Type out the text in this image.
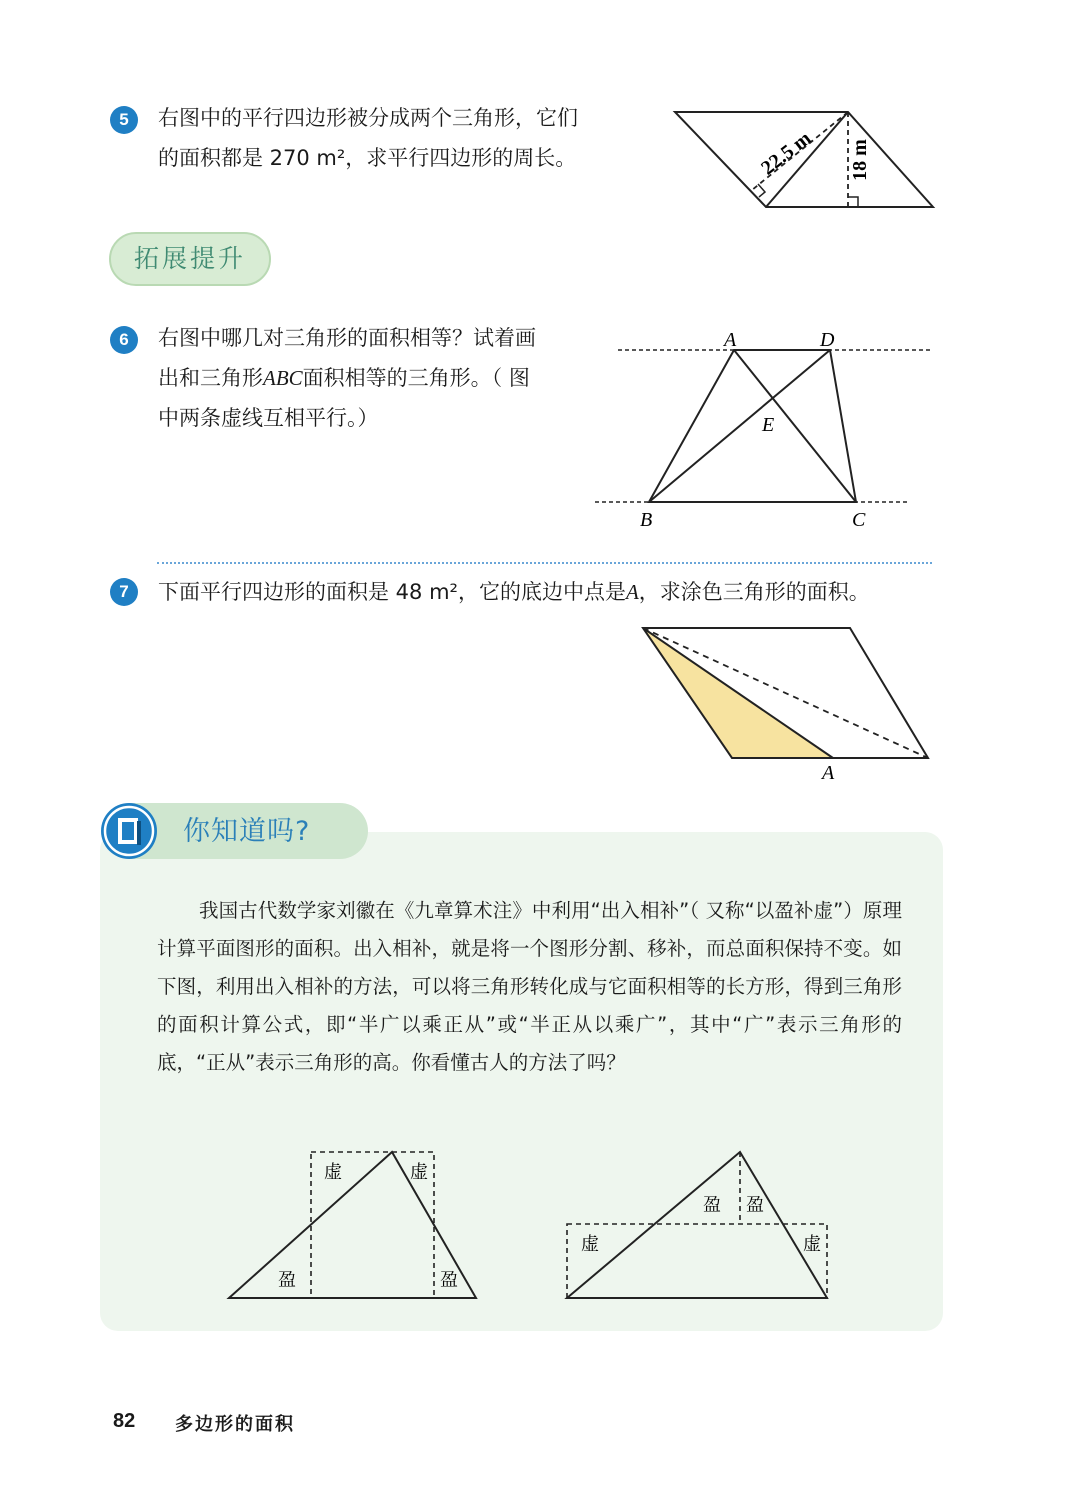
5	右图中的平行四边形被分成两个三角形，它们
的面积都是 270 m²，求平行四边形的周长。	22.5 m 18 m
拓展提升
6	右图中哪几对三角形的面积相等？试着画
出和三角形ABC面积相等的三角形。（ 图
中两条虚线互相平行。）
A	D
E
B	C
7	下面平行四边形的面积是 48 m²，它的底边中点是A，求涂色三角形的面积。
A
你知道吗?

我国古代数学家刘徽在《九章算术注》中利用“出入相补”（ 又称“以盈补虚”）原理计算平面图形的面积。出入相补，就是将一个图形分割、移补，而总面积保持不变。如下图，利用出入相补的方法，可以将三角形转化成与它面积相等的长方形，得到三角形的面积计算公式，即“半广以乘正从”或“半正从以乘广”，其中“广”表示三角形的底，“正从”表示三角形的高。你看懂古人的方法了吗？

虚	虚
盈	盈
盈 盈
虚	虚
82 多边形的面积
